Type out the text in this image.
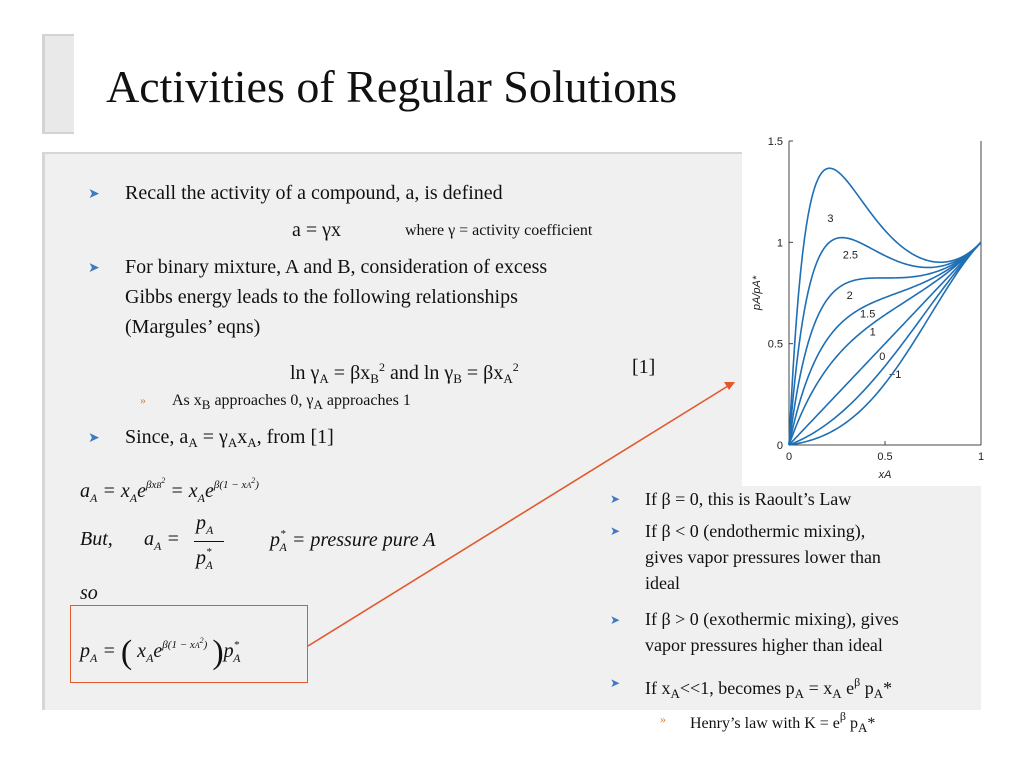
Activities of Regular Solutions
➤ Recall the activity of a compound, a, is defined
a = γx	where γ = activity coefficient
➤ For binary mixture, A and B, consideration of excess
Gibbs energy leads to the following relationships
(Margules’ eqns)
$\ln \gamma_A = \beta x_B^2$ and $\ln \gamma_B = \beta x_A^2$	[1]
» As $x_B$ approaches 0, $\gamma_A$ approaches 1
➤ Since, $a_A = \gamma_Ax_A$, from [1]
$a_A = x_Ae^{\beta xB^2} = x_Ae^{\beta(1 - xA^2)}$
But, $a_A$ =
$p_A$
$p^*_A$
$p^*_A$ = pressure pure A
so
$p_A$ = ( $x_Ae^{\beta(1 - xA^2)}$ )$p^*_A$
0
0.5
1
1.5
0	0.5	1
xA
pA/pA*
3
2.5
2
1.5
1
0
−1
➤ If β = 0, this is Raoult’s Law
➤ If β < 0 (endothermic mixing),
gives vapor pressures lower than
ideal
➤ If β > 0 (exothermic mixing), gives
vapor pressures higher than ideal
➤ If $x_A<<1$, becomes $p_A = x_A$ $e^\beta$ $p_A*$
» Henry’s law with $K = e^\beta$ $p_A*$
